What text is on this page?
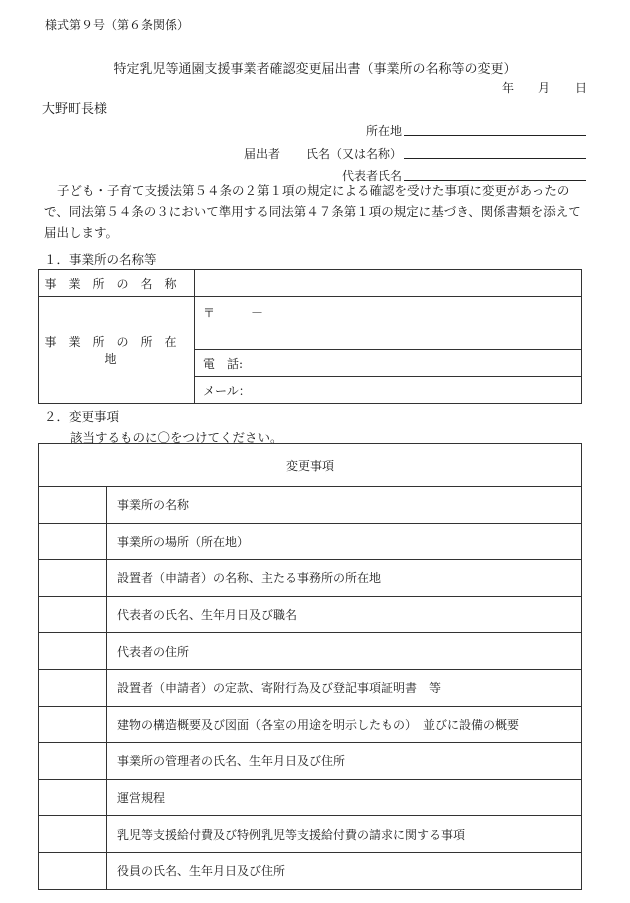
様式第９号（第６条関係）
特定乳児等通園支援事業者確認変更届出書（事業所の名称等の変更）
年 月 日
大野町長様
所在地
届出者 氏名（又は名称）
代表者氏名
子ども・子育て支援法第５４条の２第１項の規定による確認を受けた事項に変更があったので、同法第５４条の３において準用する同法第４７条第１項の規定に基づき、関係書類を添えて届出します。
１．事業所の名称等
事業所の名称	
事業所の所在地	〒　　　－
	電　話:
	メール：
２．変更事項
該当するものに〇をつけてください。
変更事項	
	事業所の名称
	事業所の場所（所在地）
	設置者（申請者）の名称、主たる事務所の所在地
	代表者の氏名、生年月日及び職名
	代表者の住所
	設置者（申請者）の定款、寄附行為及び登記事項証明書　等
	建物の構造概要及び図面（各室の用途を明示したもの）　並びに設備の概要
	事業所の管理者の氏名、生年月日及び住所
	運営規程
	乳児等支援給付費及び特例乳児等支援給付費の請求に関する事項
	役員の氏名、生年月日及び住所
